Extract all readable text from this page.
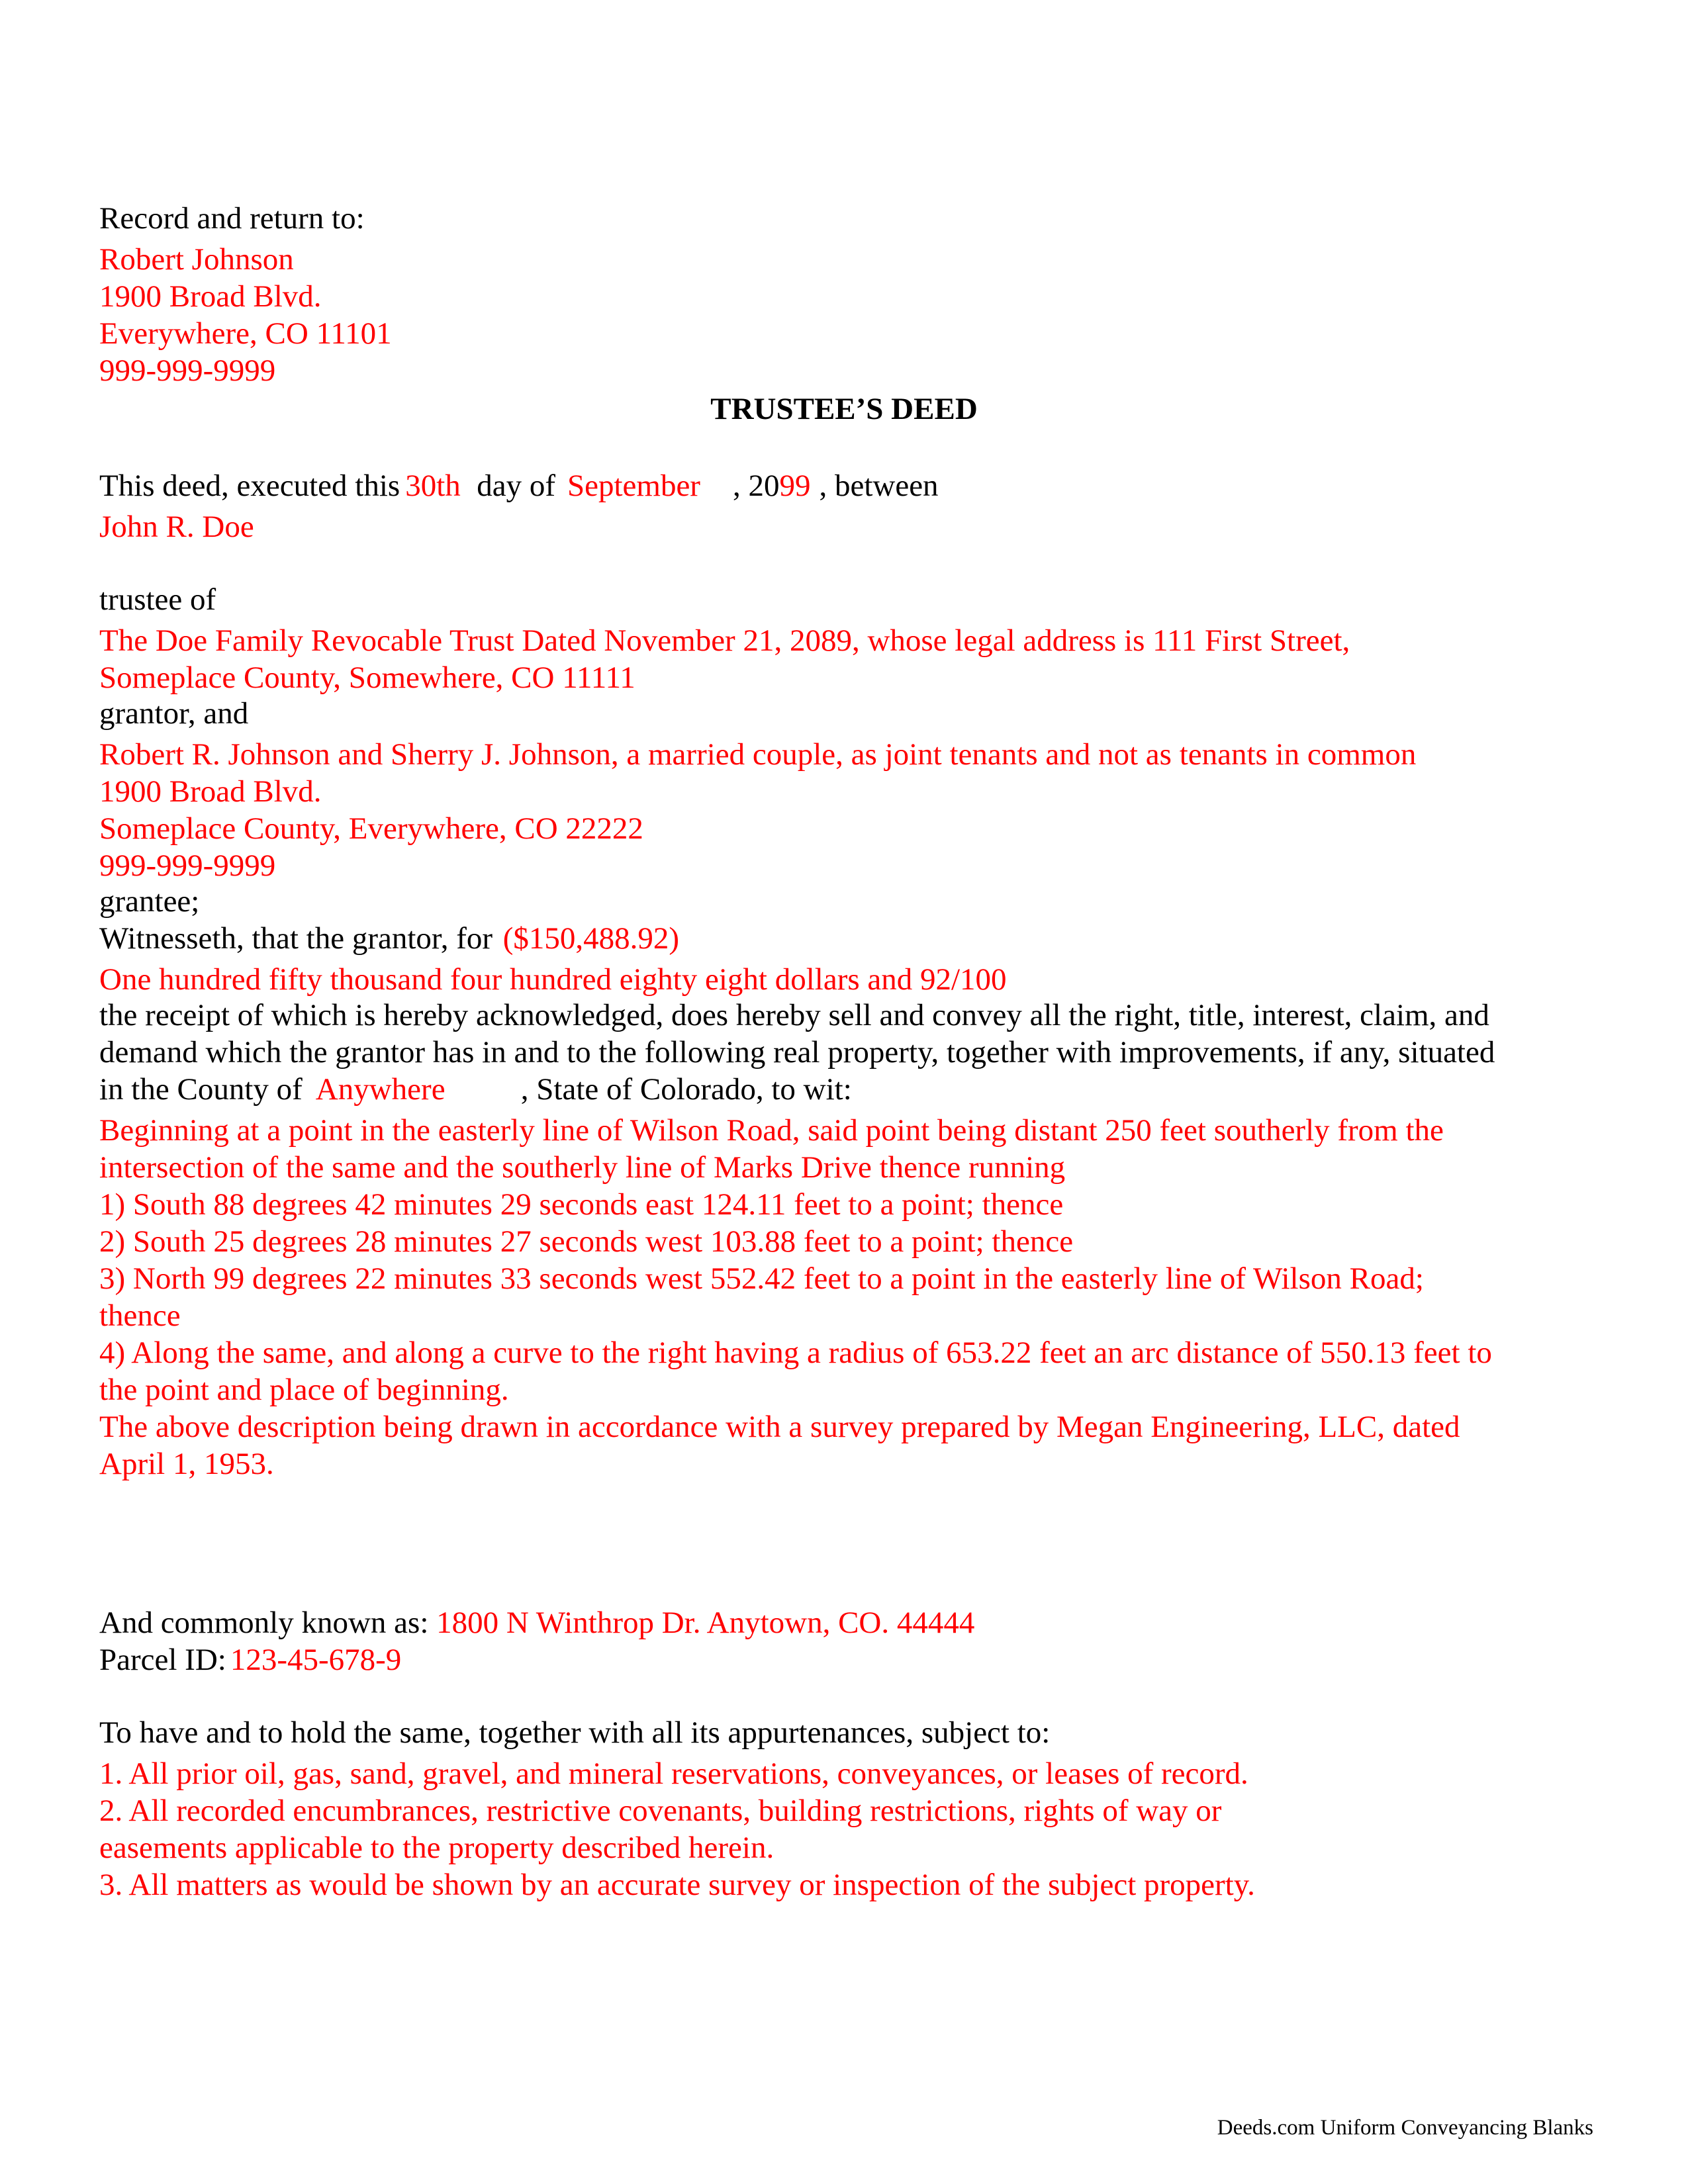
Record and return to:
Robert Johnson
1900 Broad Blvd.
Everywhere, CO 11101
999-999-9999
TRUSTEE’S DEED
This deed, executed this 30th day of September , 2099 , between
John R. Doe
trustee of
The Doe Family Revocable Trust Dated November 21, 2089, whose legal address is 111 First Street,
Someplace County, Somewhere, CO 11111
grantor, and
Robert R. Johnson and Sherry J. Johnson, a married couple, as joint tenants and not as tenants in common
1900 Broad Blvd.
Someplace County, Everywhere, CO 22222
999-999-9999
grantee;
Witnesseth, that the grantor, for ($150,488.92)
One hundred fifty thousand four hundred eighty eight dollars and 92/100
the receipt of which is hereby acknowledged, does hereby sell and convey all the right, title, interest, claim, and
demand which the grantor has in and to the following real property, together with improvements, if any, situated
in the County of Anywhere , State of Colorado, to wit:
Beginning at a point in the easterly line of Wilson Road, said point being distant 250 feet southerly from the
intersection of the same and the southerly line of Marks Drive thence running
1) South 88 degrees 42 minutes 29 seconds east 124.11 feet to a point; thence
2) South 25 degrees 28 minutes 27 seconds west 103.88 feet to a point; thence
3) North 99 degrees 22 minutes 33 seconds west 552.42 feet to a point in the easterly line of Wilson Road;
thence
4) Along the same, and along a curve to the right having a radius of 653.22 feet an arc distance of 550.13 feet to
the point and place of beginning.
The above description being drawn in accordance with a survey prepared by Megan Engineering, LLC, dated
April 1, 1953.
And commonly known as: 1800 N Winthrop Dr. Anytown, CO. 44444
Parcel ID: 123-45-678-9
To have and to hold the same, together with all its appurtenances, subject to:
1. All prior oil, gas, sand, gravel, and mineral reservations, conveyances, or leases of record.
2. All recorded encumbrances, restrictive covenants, building restrictions, rights of way or
easements applicable to the property described herein.
3. All matters as would be shown by an accurate survey or inspection of the subject property.
Deeds.com Uniform Conveyancing Blanks
